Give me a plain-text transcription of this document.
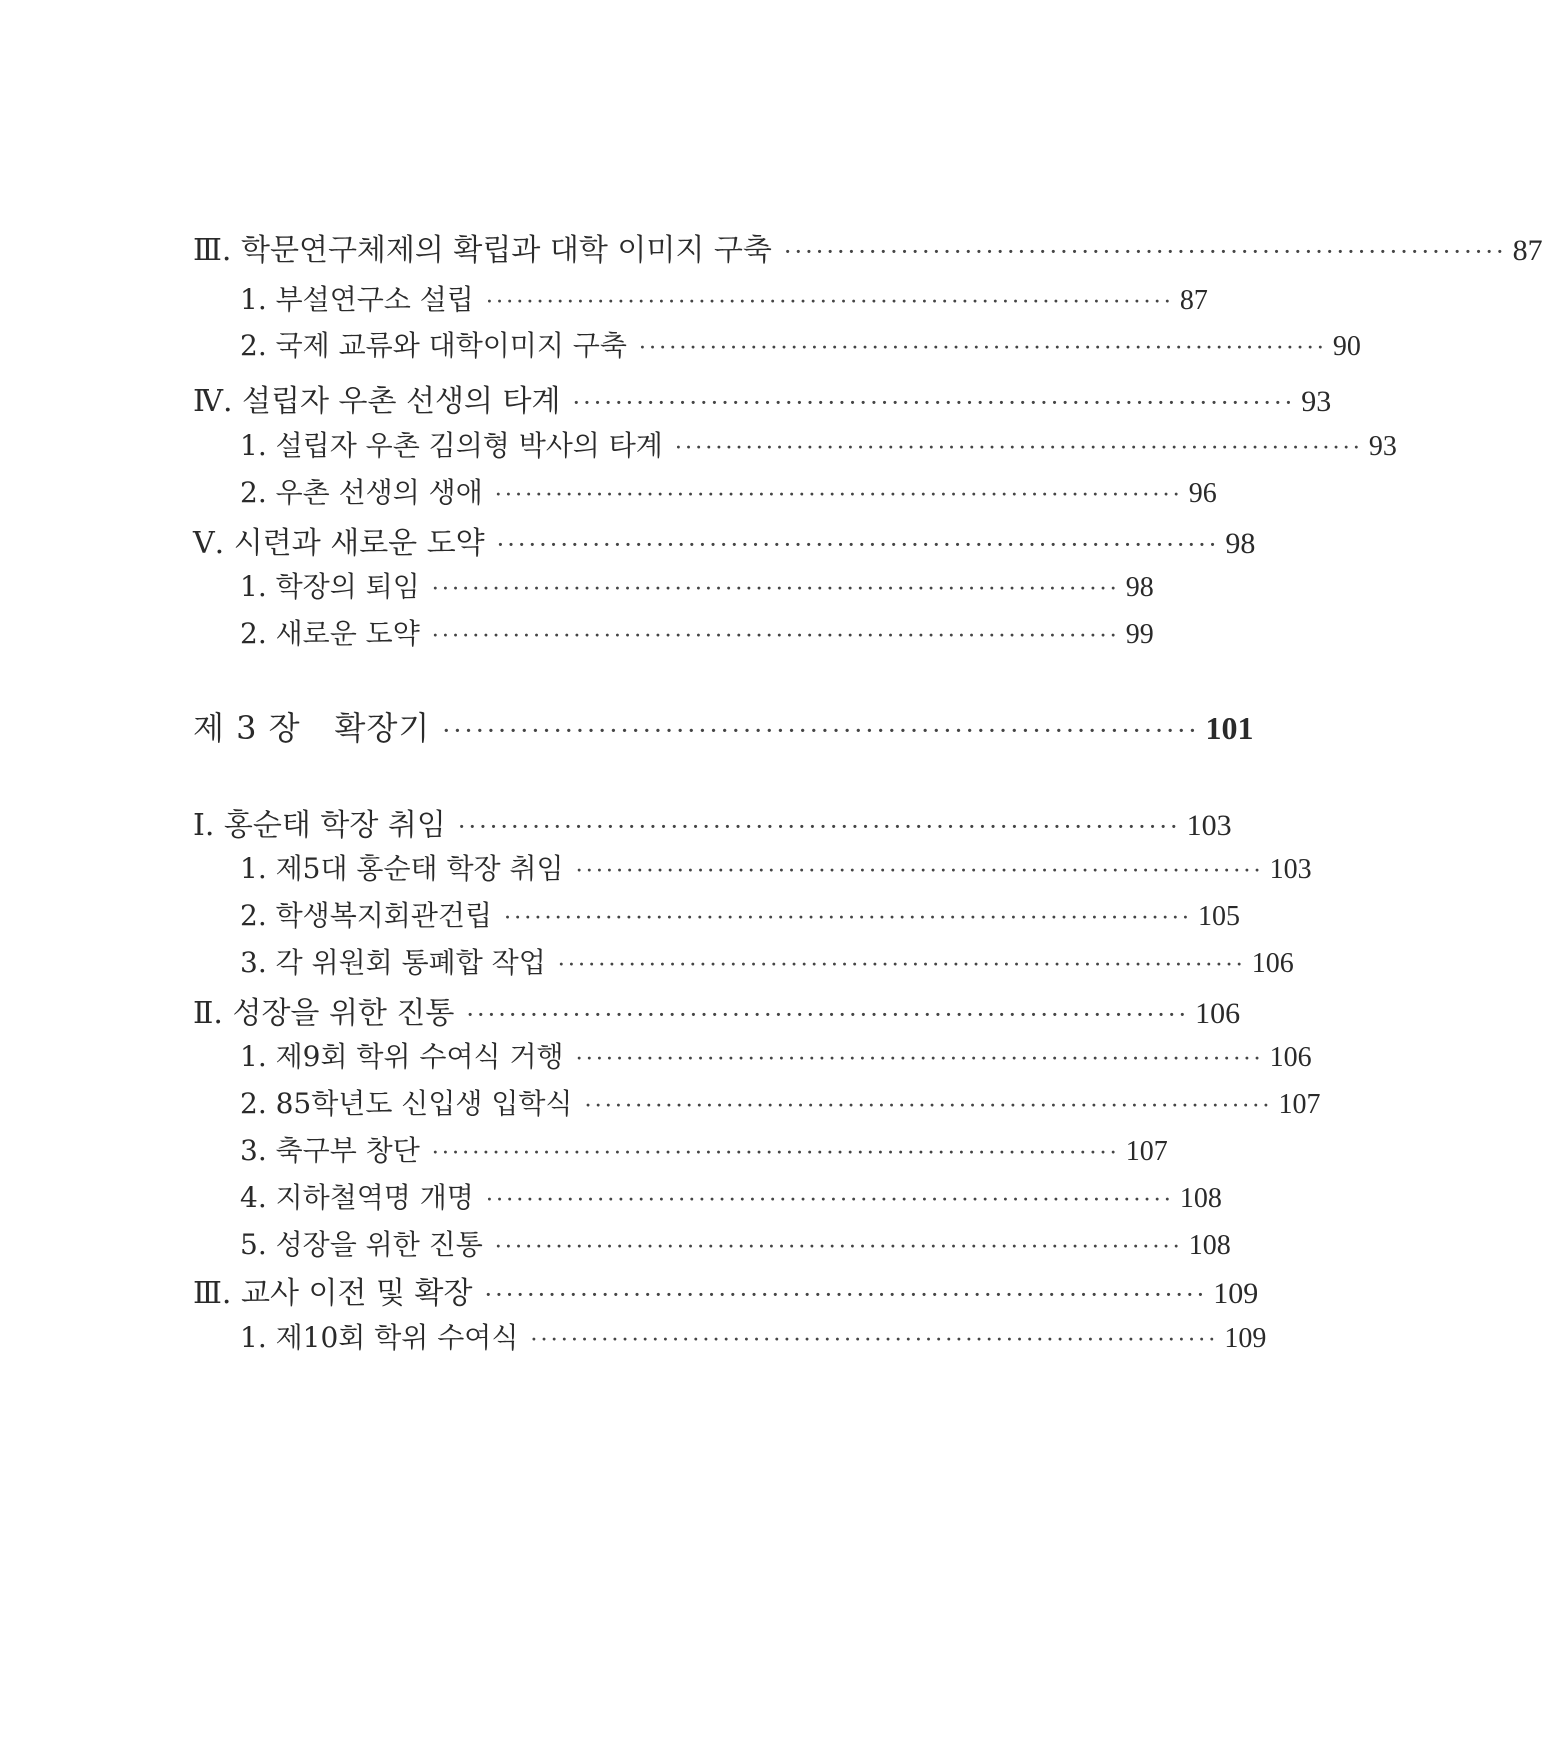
Ⅲ. 학문연구체제의 확립과 대학 이미지 구축 ···································································· 87
1. 부설연구소 설립 ···································································· 87
2. 국제 교류와 대학이미지 구축 ···································································· 90
Ⅳ. 설립자 우촌 선생의 타계 ···································································· 93
1. 설립자 우촌 김의형 박사의 타계 ···································································· 93
2. 우촌 선생의 생애 ···································································· 96
Ⅴ. 시련과 새로운 도약 ···································································· 98
1. 학장의 퇴임 ···································································· 98
2. 새로운 도약 ···································································· 99
제 3 장 확장기 ···································································· 101
Ⅰ. 홍순태 학장 취임 ···································································· 103
1. 제5대 홍순태 학장 취임 ···································································· 103
2. 학생복지회관건립 ···································································· 105
3. 각 위원회 통폐합 작업 ···································································· 106
Ⅱ. 성장을 위한 진통 ···································································· 106
1. 제9회 학위 수여식 거행 ···································································· 106
2. 85학년도 신입생 입학식 ···································································· 107
3. 축구부 창단 ···································································· 107
4. 지하철역명 개명 ···································································· 108
5. 성장을 위한 진통 ···································································· 108
Ⅲ. 교사 이전 및 확장 ···································································· 109
1. 제10회 학위 수여식 ···································································· 109
